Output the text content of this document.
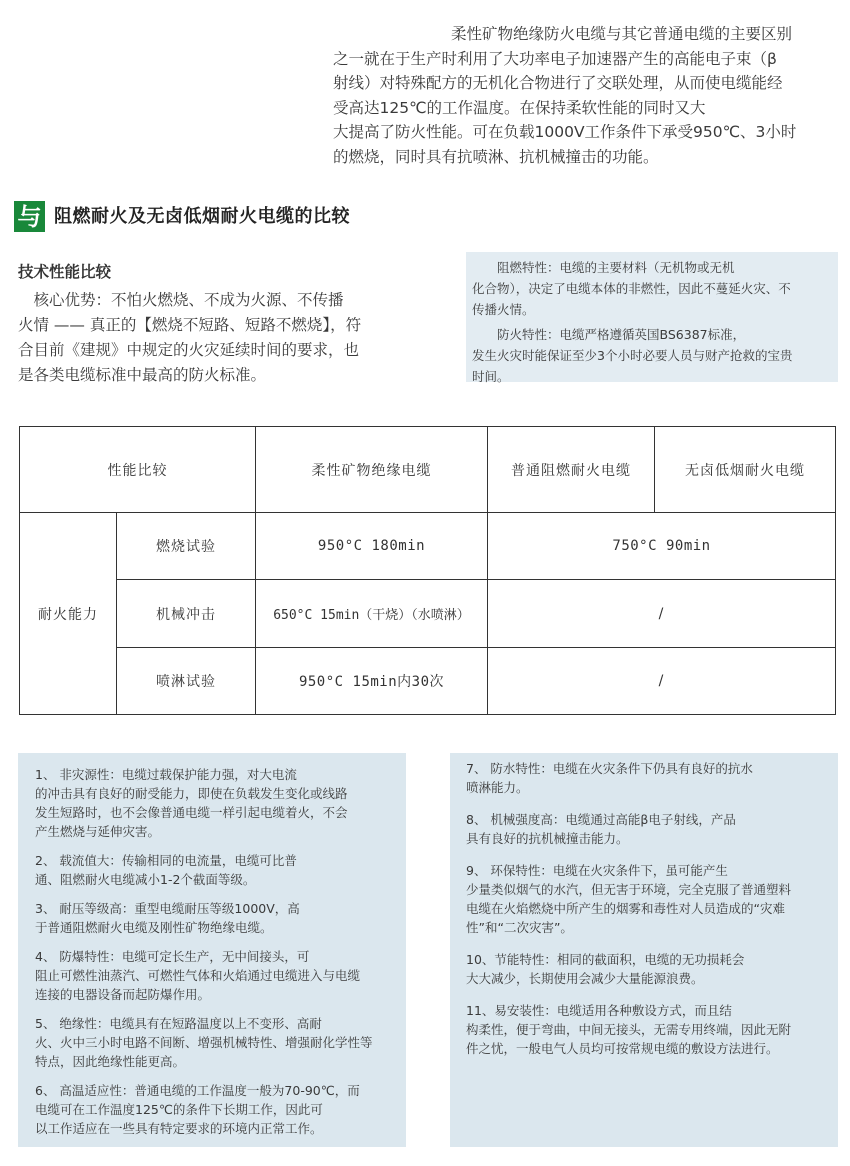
柔性矿物绝缘防火电缆与其它普通电缆的主要区别

之一就在于生产时利用了大功率电子加速器产生的高能电子束（β

射线）对特殊配方的无机化合物进行了交联处理，从而使电缆能经

受高达125℃的工作温度。在保持柔软性能的同时又大

大提高了防火性能。可在负载1000V工作条件下承受950℃、3小时

的燃烧，同时具有抗喷淋、抗机械撞击的功能。

与 阻燃耐火及无卤低烟耐火电缆的比较
技术性能比较

　核心优势：不怕火燃烧、不成为火源、不传播

火情 —— 真正的【燃烧不短路、短路不燃烧】，符

合目前《建规》中规定的火灾延续时间的要求，也

是各类电缆标准中最高的防火标准。

　　阻燃特性：电缆的主要材料（无机物或无机

化合物），决定了电缆本体的非燃性，因此不蔓延火灾、不

传播火情。

　　防火特性：电缆严格遵循英国BS6387标准，

发生火灾时能保证至少3个小时必要人员与财产抢救的宝贵

时间。

性能比较		柔性矿物绝缘电缆	普通阻燃耐火电缆	无卤低烟耐火电缆
耐火能力	燃烧试验	950°C 180min	750°C 90min	
	机械冲击	650°C 15min（干烧）（水喷淋）	/	
	喷淋试验	950°C 15min内30次	/	

1、 非灾源性：电缆过载保护能力强，对大电流
的冲击具有良好的耐受能力，即使在负载发生变化或线路
发生短路时，也不会像普通电缆一样引起电缆着火，不会
产生燃烧与延伸灾害。

2、 载流值大：传输相同的电流量，电缆可比普
通、阻燃耐火电缆减小1-2个截面等级。

3、 耐压等级高：重型电缆耐压等级1000V，高
于普通阻燃耐火电缆及刚性矿物绝缘电缆。

4、 防爆特性：电缆可定长生产，无中间接头，可
阻止可燃性油蒸汽、可燃性气体和火焰通过电缆进入与电缆
连接的电器设备而起防爆作用。

5、 绝缘性：电缆具有在短路温度以上不变形、高耐
火、火中三小时电路不间断、增强机械特性、增强耐化学性等
特点，因此绝缘性能更高。

6、 高温适应性：普通电缆的工作温度一般为70-90℃，而
电缆可在工作温度125℃的条件下长期工作，因此可
以工作适应在一些具有特定要求的环境内正常工作。

7、 防水特性：电缆在火灾条件下仍具有良好的抗水
喷淋能力。

8、 机械强度高：电缆通过高能β电子射线，产品
具有良好的抗机械撞击能力。

9、 环保特性：电缆在火灾条件下，虽可能产生
少量类似烟气的水汽，但无害于环境，完全克服了普通塑料
电缆在火焰燃烧中所产生的烟雾和毒性对人员造成的“灾难
性”和“二次灾害”。

10、节能特性：相同的截面积，电缆的无功损耗会
大大减少，长期使用会减少大量能源浪费。

11、易安装性：电缆适用各种敷设方式，而且结
构柔性，便于弯曲，中间无接头，无需专用终端，因此无附
件之忧，一般电气人员均可按常规电缆的敷设方法进行。
